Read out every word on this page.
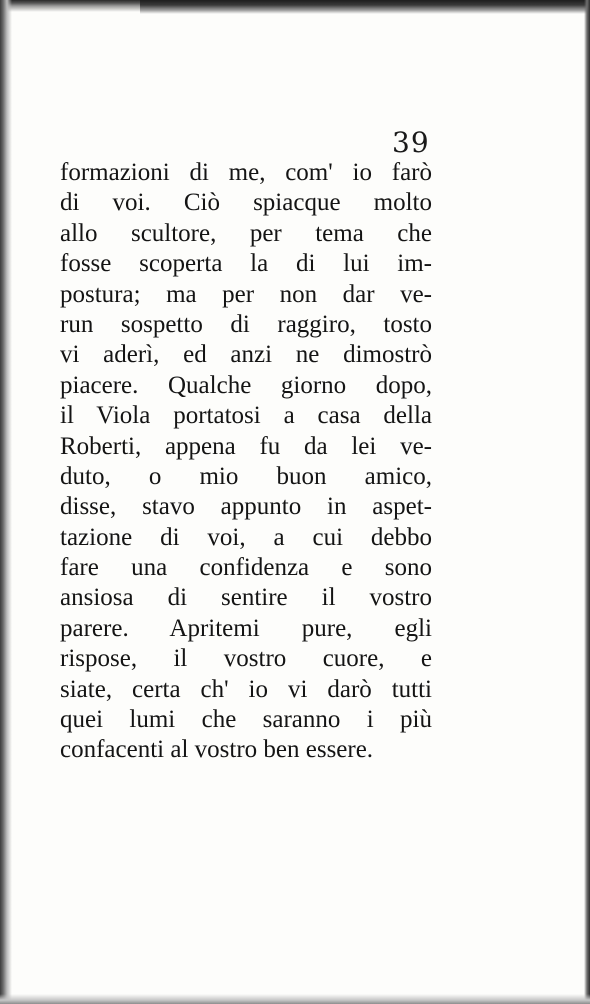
39
formazioni di me, com' io farò
di voi. Ciò spiacque molto
allo scultore, per tema che
fosse scoperta la di lui im-
postura; ma per non dar ve-
run sospetto di raggiro, tosto
vi aderì, ed anzi ne dimostrò
piacere. Qualche giorno dopo,
il Viola portatosi a casa della
Roberti, appena fu da lei ve-
duto, o mio buon amico,
disse, stavo appunto in aspet-
tazione di voi, a cui debbo
fare una confidenza e sono
ansiosa di sentire il vostro
parere. Apritemi pure, egli
rispose, il vostro cuore, e
siate, certa ch' io vi darò tutti
quei lumi che saranno i più
confacenti al vostro ben essere.
